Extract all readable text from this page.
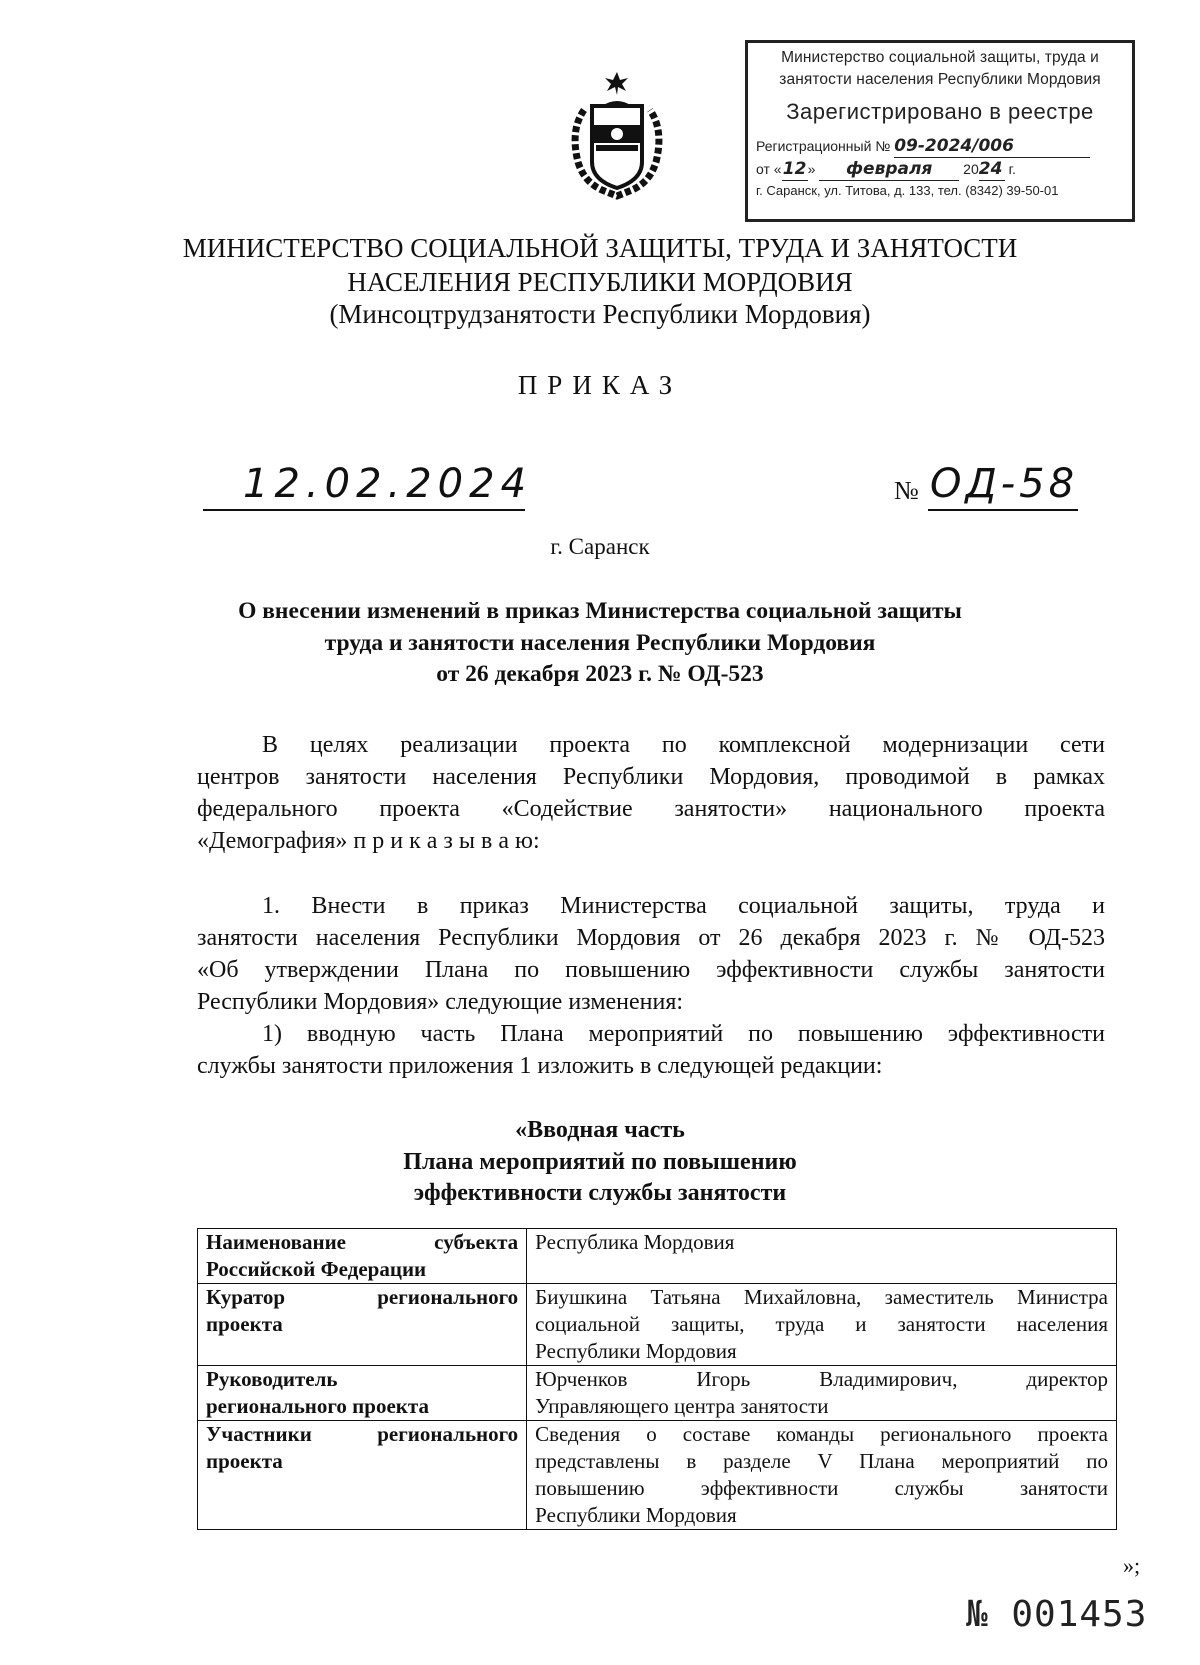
Министерство социальной защиты, труда и
занятости населения Республики Мордовия
Зарегистрировано в реестре
Регистрационный № 09-2024/006
от «12» февраля 2024 г.
г. Саранск, ул. Титова, д. 133, тел. (8342) 39-50-01
МИНИСТЕРСТВО СОЦИАЛЬНОЙ ЗАЩИТЫ, ТРУДА И ЗАНЯТОСТИ
НАСЕЛЕНИЯ РЕСПУБЛИКИ МОРДОВИЯ
(Минсоцтрудзанятости Республики Мордовия)
ПРИКАЗ
12.02.2024	№ ОД-58
г. Саранск
О внесении изменений в приказ Министерства социальной защиты
труда и занятости населения Республики Мордовия
от 26 декабря 2023 г. № ОД-523
В целях реализации проекта по комплексной модернизации сети
центров занятости населения Республики Мордовия, проводимой в рамках
федерального проекта «Содействие занятости» национального проекта
«Демография» п р и к а з ы в а ю:
1. Внести в приказ Министерства социальной защиты, труда и
занятости населения Республики Мордовия от 26 декабря 2023 г. № ОД-523
«Об утверждении Плана по повышению эффективности службы занятости
Республики Мордовия» следующие изменения:
1) вводную часть Плана мероприятий по повышению эффективности
службы занятости приложения 1 изложить в следующей редакции:
«Вводная часть
Плана мероприятий по повышению
эффективности службы занятости
Наименование субъекта
Российской Федерации	Республика Мордовия

Куратор регионального
проекта	Биушкина Татьяна Михайловна, заместитель Министра
социальной защиты, труда и занятости населения
Республики Мордовия

Руководитель
регионального проекта	Юрченков Игорь Владимирович, директор
Управляющего центра занятости

Участники регионального
проекта	Сведения о составе команды регионального проекта
представлены в разделе V Плана мероприятий по
повышению эффективности службы занятости
Республики Мордовия
»;
№ 001453
